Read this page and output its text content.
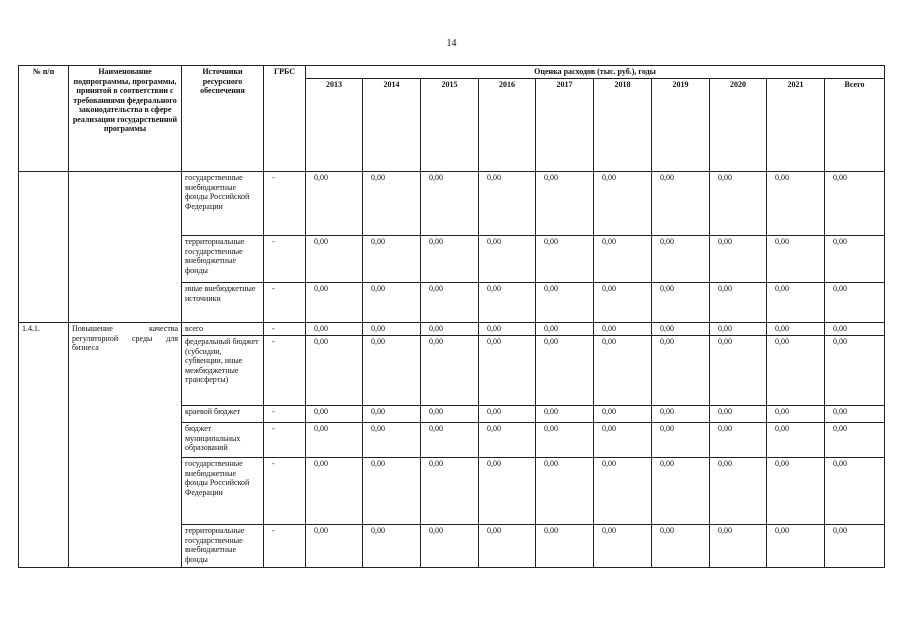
14
№ п/п	Наименование подпрограммы, программы, принятой в соответствии с требованиями федерального законодательства в сфере реализации государственной программы	Источники ресурсного обеспечения	ГРБС	Оценка расходов (тыс. руб.), годы									
				2013	2014	2015	2016	2017	2018	2019	2020	2021	Всего
		государственные внебюджетные фонды Российской Федерации	-	0,00	0,00	0,00	0,00	0,00	0,00	0,00	0,00	0,00	0,00
		территориальные государственные внебюджетные фонды	-	0,00	0,00	0,00	0,00	0,00	0,00	0,00	0,00	0,00	0,00
		иные внебюджетные источники	-	0,00	0,00	0,00	0,00	0,00	0,00	0,00	0,00	0,00	0,00
1.4.1.	Повышение качества регуляторной среды для бизнеса	всего	-	0,00	0,00	0,00	0,00	0,00	0,00	0,00	0,00	0,00	0,00
		федеральный бюджет (субсидии, субвенции, иные межбюджетные трансферты)	-	0,00	0,00	0,00	0,00	0,00	0,00	0,00	0,00	0,00	0,00
		краевой бюджет	-	0,00	0,00	0,00	0,00	0,00	0,00	0,00	0,00	0,00	0,00
		бюджет муниципальных образований	-	0,00	0,00	0,00	0,00	0,00	0,00	0,00	0,00	0,00	0,00
		государственные внебюджетные фонды Российской Федерации	-	0,00	0,00	0,00	0,00	0,00	0,00	0,00	0,00	0,00	0,00
		территориальные государственные внебюджетные фонды	-	0,00	0,00	0,00	0,00	0,00	0,00	0,00	0,00	0,00	0,00
